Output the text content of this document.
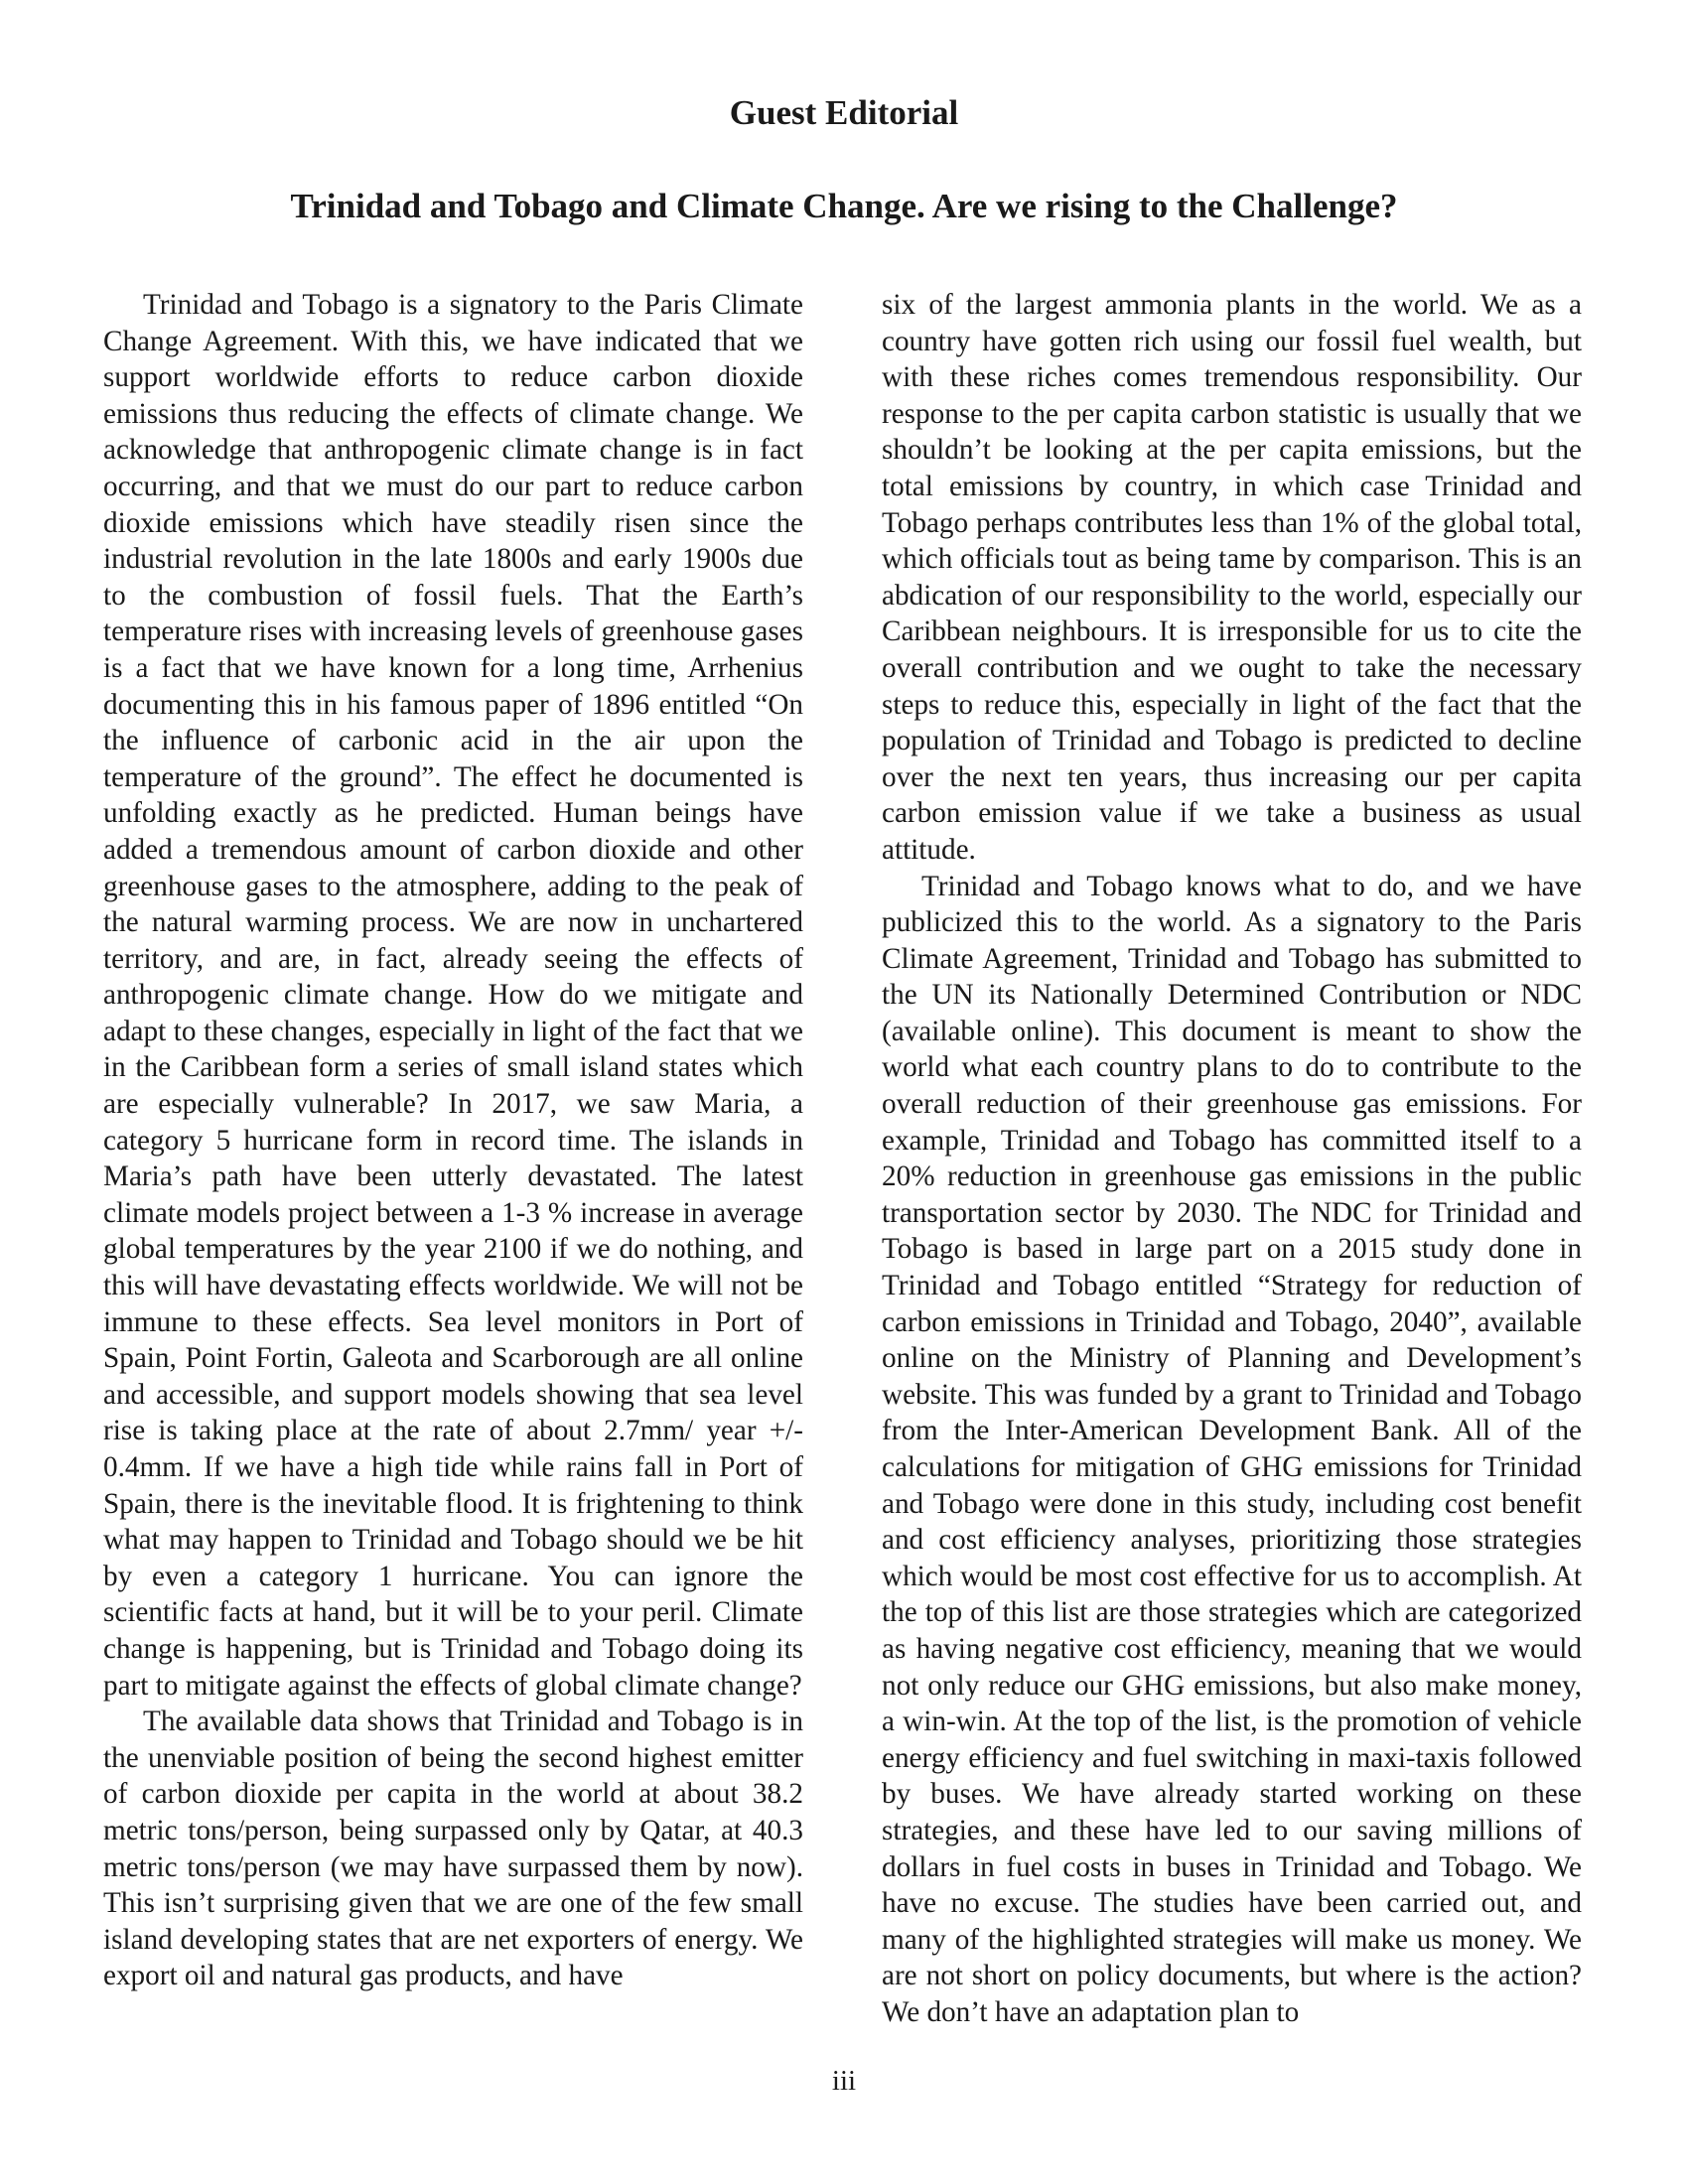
Guest Editorial
Trinidad and Tobago and Climate Change. Are we rising to the Challenge?

Trinidad and Tobago is a signatory to the Paris Climate Change Agreement. With this, we have indicated that we support worldwide efforts to reduce carbon dioxide emissions thus reducing the effects of climate change. We acknowledge that anthropogenic climate change is in fact occurring, and that we must do our part to reduce carbon dioxide emissions which have steadily risen since the industrial revolution in the late 1800s and early 1900s due to the combustion of fossil fuels. That the Earth’s temperature rises with increasing levels of greenhouse gases is a fact that we have known for a long time, Arrhenius documenting this in his famous paper of 1896 entitled “On the influence of carbonic acid in the air upon the temperature of the ground”. The effect he documented is unfolding exactly as he predicted. Human beings have added a tremendous amount of carbon dioxide and other greenhouse gases to the atmosphere, adding to the peak of the natural warming process. We are now in unchartered territory, and are, in fact, already seeing the effects of anthropogenic climate change. How do we mitigate and adapt to these changes, especially in light of the fact that we in the Caribbean form a series of small island states which are especially vulnerable? In 2017, we saw Maria, a category 5 hurricane form in record time. The islands in Maria’s path have been utterly devastated. The latest climate models project between a 1-3 % increase in average global temperatures by the year 2100 if we do nothing, and this will have devastating effects worldwide. We will not be immune to these effects. Sea level monitors in Port of Spain, Point Fortin, Galeota and Scarborough are all online and accessible, and support models showing that sea level rise is taking place at the rate of about 2.7mm/ year +/- 0.4mm. If we have a high tide while rains fall in Port of Spain, there is the inevitable flood. It is frightening to think what may happen to Trinidad and Tobago should we be hit by even a category 1 hurricane. You can ignore the scientific facts at hand, but it will be to your peril. Climate change is happening, but is Trinidad and Tobago doing its part to mitigate against the effects of global climate change?

The available data shows that Trinidad and Tobago is in the unenviable position of being the second highest emitter of carbon dioxide per capita in the world at about 38.2 metric tons/person, being surpassed only by Qatar, at 40.3 metric tons/person (we may have surpassed them by now). This isn’t surprising given that we are one of the few small island developing states that are net exporters of energy. We export oil and natural gas products, and have

six of the largest ammonia plants in the world. We as a country have gotten rich using our fossil fuel wealth, but with these riches comes tremendous responsibility. Our response to the per capita carbon statistic is usually that we shouldn’t be looking at the per capita emissions, but the total emissions by country, in which case Trinidad and Tobago perhaps contributes less than 1% of the global total, which officials tout as being tame by comparison. This is an abdication of our responsibility to the world, especially our Caribbean neighbours. It is irresponsible for us to cite the overall contribution and we ought to take the necessary steps to reduce this, especially in light of the fact that the population of Trinidad and Tobago is predicted to decline over the next ten years, thus increasing our per capita carbon emission value if we take a business as usual attitude.

Trinidad and Tobago knows what to do, and we have publicized this to the world. As a signatory to the Paris Climate Agreement, Trinidad and Tobago has submitted to the UN its Nationally Determined Contribution or NDC (available online). This document is meant to show the world what each country plans to do to contribute to the overall reduction of their greenhouse gas emissions. For example, Trinidad and Tobago has committed itself to a 20% reduction in greenhouse gas emissions in the public transportation sector by 2030. The NDC for Trinidad and Tobago is based in large part on a 2015 study done in Trinidad and Tobago entitled “Strategy for reduction of carbon emissions in Trinidad and Tobago, 2040”, available online on the Ministry of Planning and Development’s website. This was funded by a grant to Trinidad and Tobago from the Inter-American Development Bank. All of the calculations for mitigation of GHG emissions for Trinidad and Tobago were done in this study, including cost benefit and cost efficiency analyses, prioritizing those strategies which would be most cost effective for us to accomplish. At the top of this list are those strategies which are categorized as having negative cost efficiency, meaning that we would not only reduce our GHG emissions, but also make money, a win-win. At the top of the list, is the promotion of vehicle energy efficiency and fuel switching in maxi-taxis followed by buses. We have already started working on these strategies, and these have led to our saving millions of dollars in fuel costs in buses in Trinidad and Tobago. We have no excuse. The studies have been carried out, and many of the highlighted strategies will make us money. We are not short on policy documents, but where is the action? We don’t have an adaptation plan to

iii
